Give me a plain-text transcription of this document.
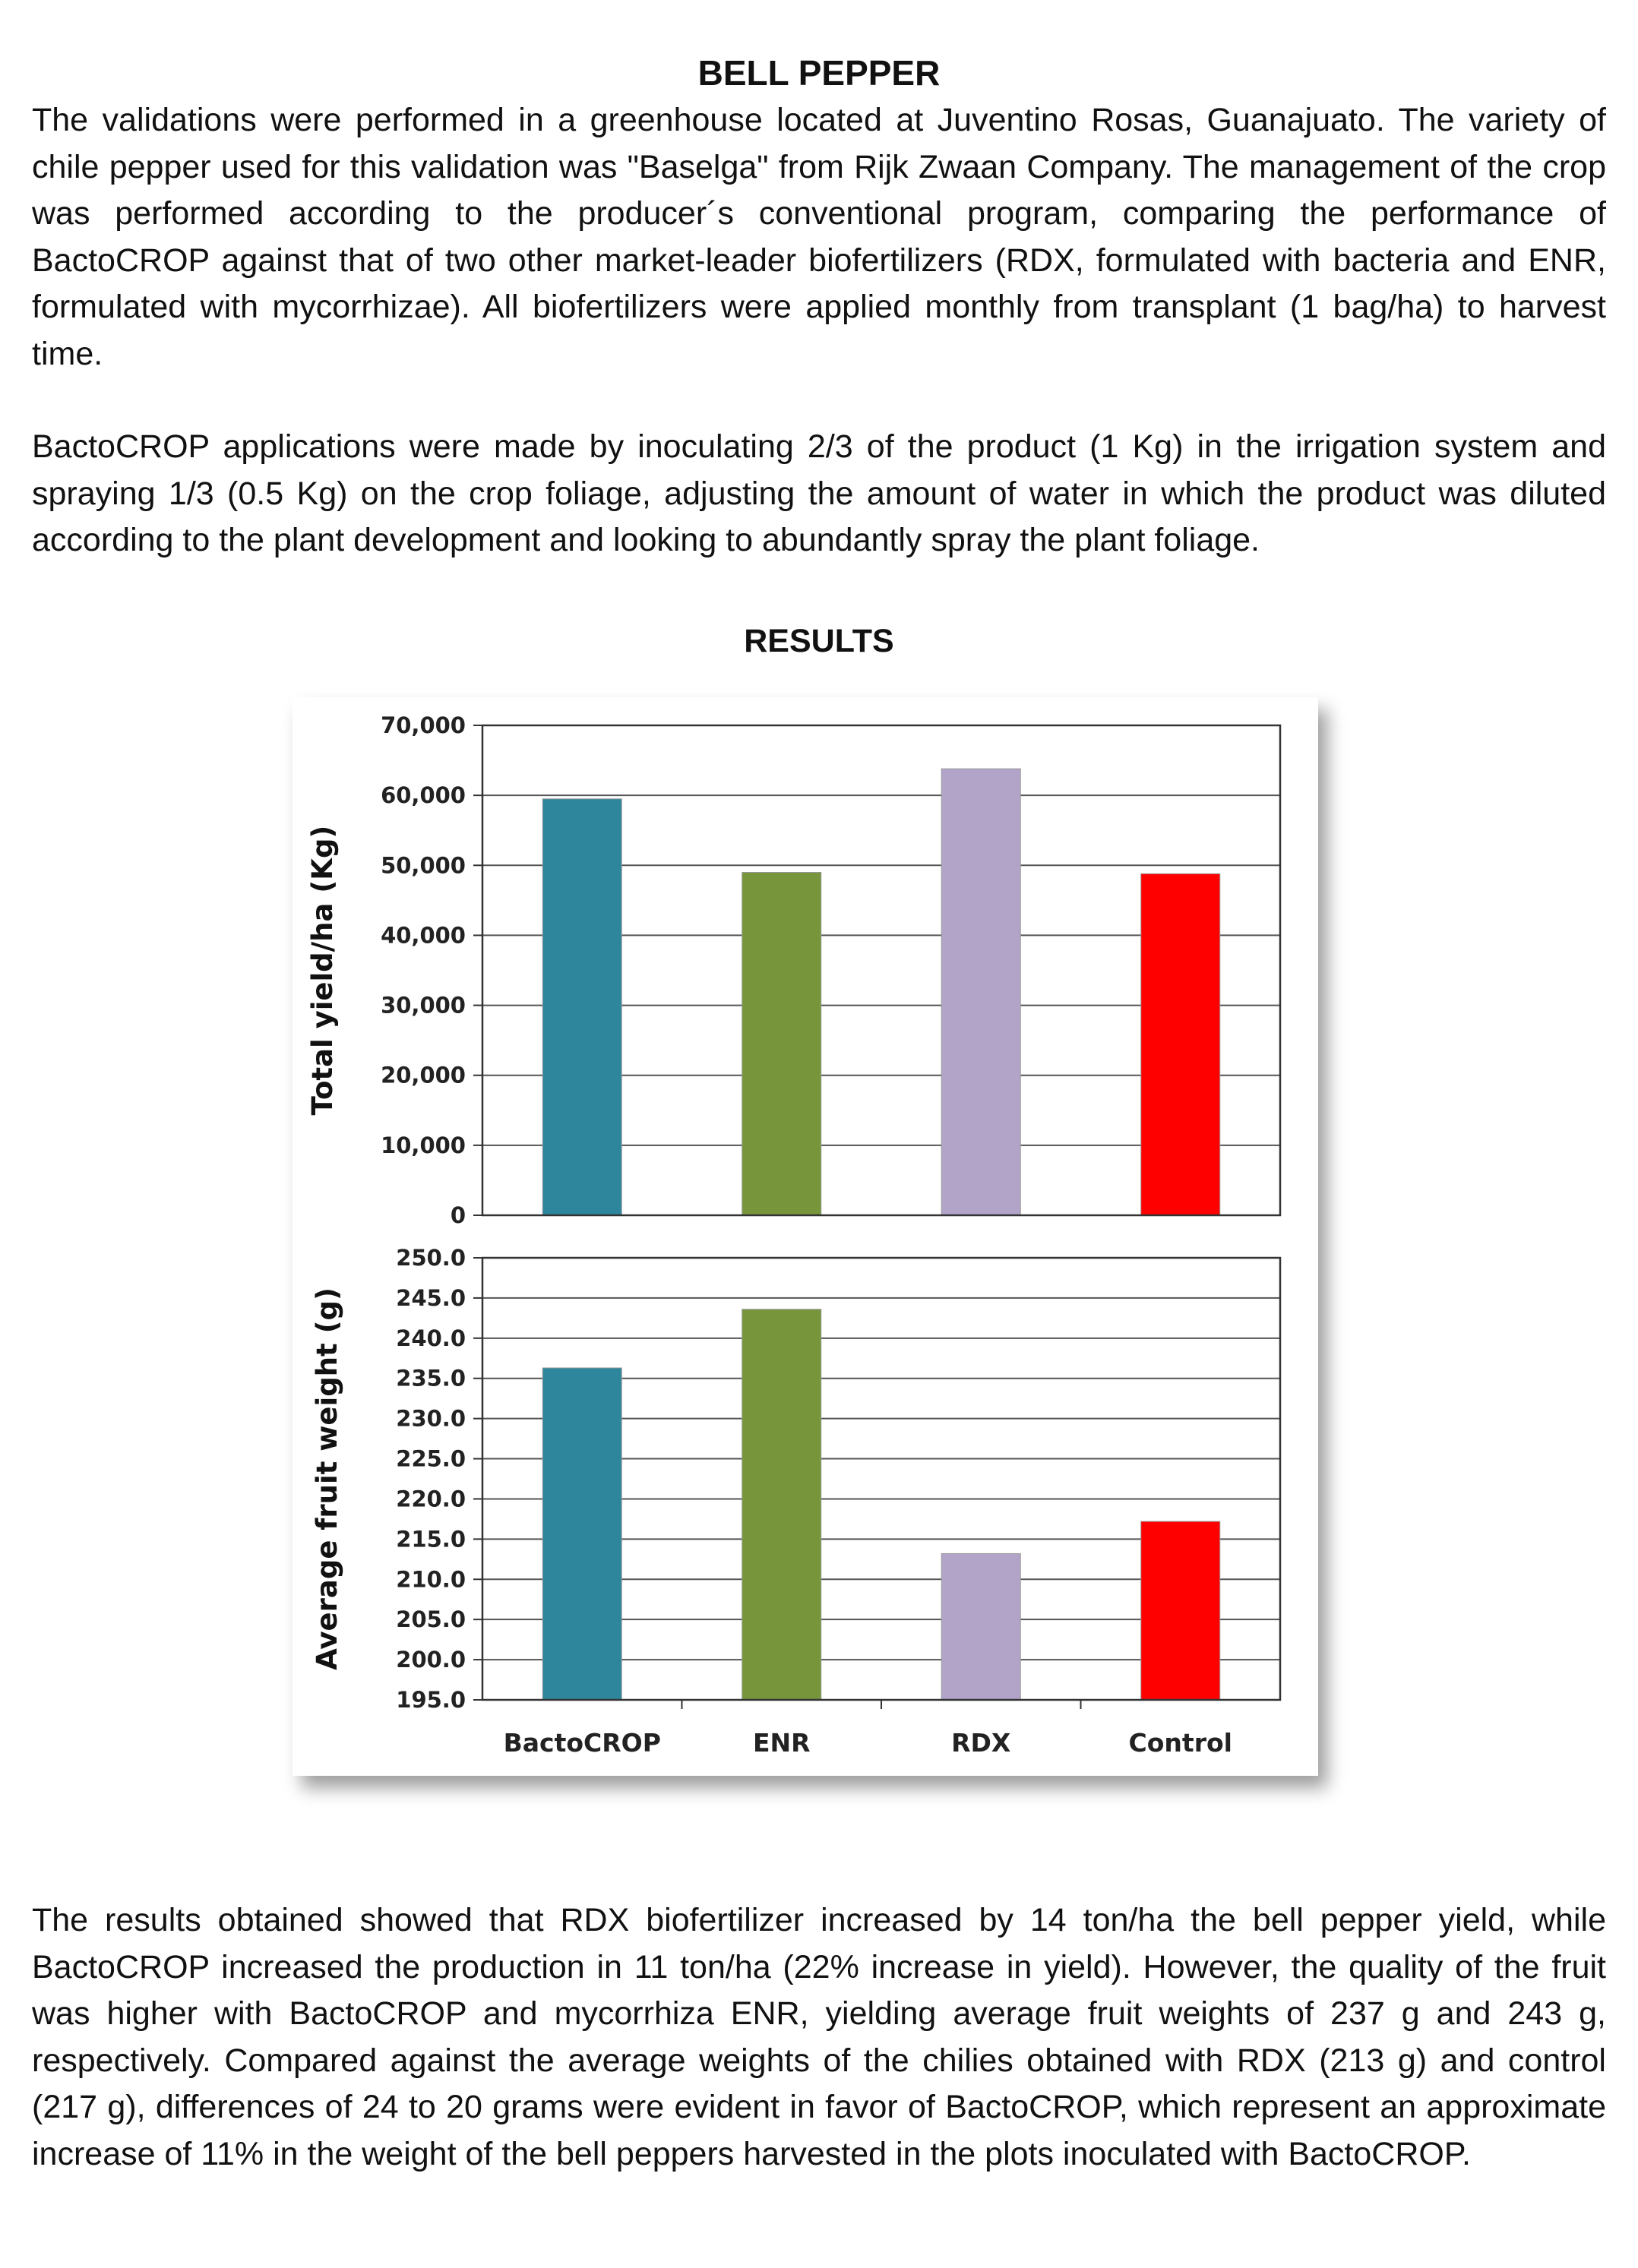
BELL PEPPER

The validations were performed in a greenhouse located at Juventino Rosas, Guanajuato. The variety of chile pepper used for this validation was "Baselga" from Rijk Zwaan Company. The management of the crop was performed according to the producer´s conventional program, comparing the performance of BactoCROP against that of two other market-leader biofertilizers (RDX, formulated with bacteria and ENR, formulated with mycorrhizae). All biofertilizers were applied monthly from transplant (1 bag/ha) to harvest time.

BactoCROP applications were made by inoculating 2/3 of the product (1 Kg) in the irrigation system and spraying 1/3 (0.5 Kg) on the crop foliage, adjusting the amount of water in which the product was diluted according to the plant development and looking to abundantly spray the plant foliage.

RESULTS
0
10,000
20,000
30,000
40,000
50,000
60,000
70,000
Total yield/ha (Kg)
195.0
200.0
205.0
210.0
215.0
220.0
225.0
230.0
235.0
240.0
245.0
250.0
Average fruit weight (g)
BactoCROP	ENR	RDX	Control

The results obtained showed that RDX biofertilizer increased by 14 ton/ha the bell pepper yield, while BactoCROP increased the production in 11 ton/ha (22% increase in yield). However, the quality of the fruit was higher with BactoCROP and mycorrhiza ENR, yielding average fruit weights of 237 g and 243 g, respectively. Compared against the average weights of the chilies obtained with RDX (213 g) and control (217 g), differences of 24 to 20 grams were evident in favor of BactoCROP, which represent an approximate increase of 11% in the weight of the bell peppers harvested in the plots inoculated with BactoCROP.
